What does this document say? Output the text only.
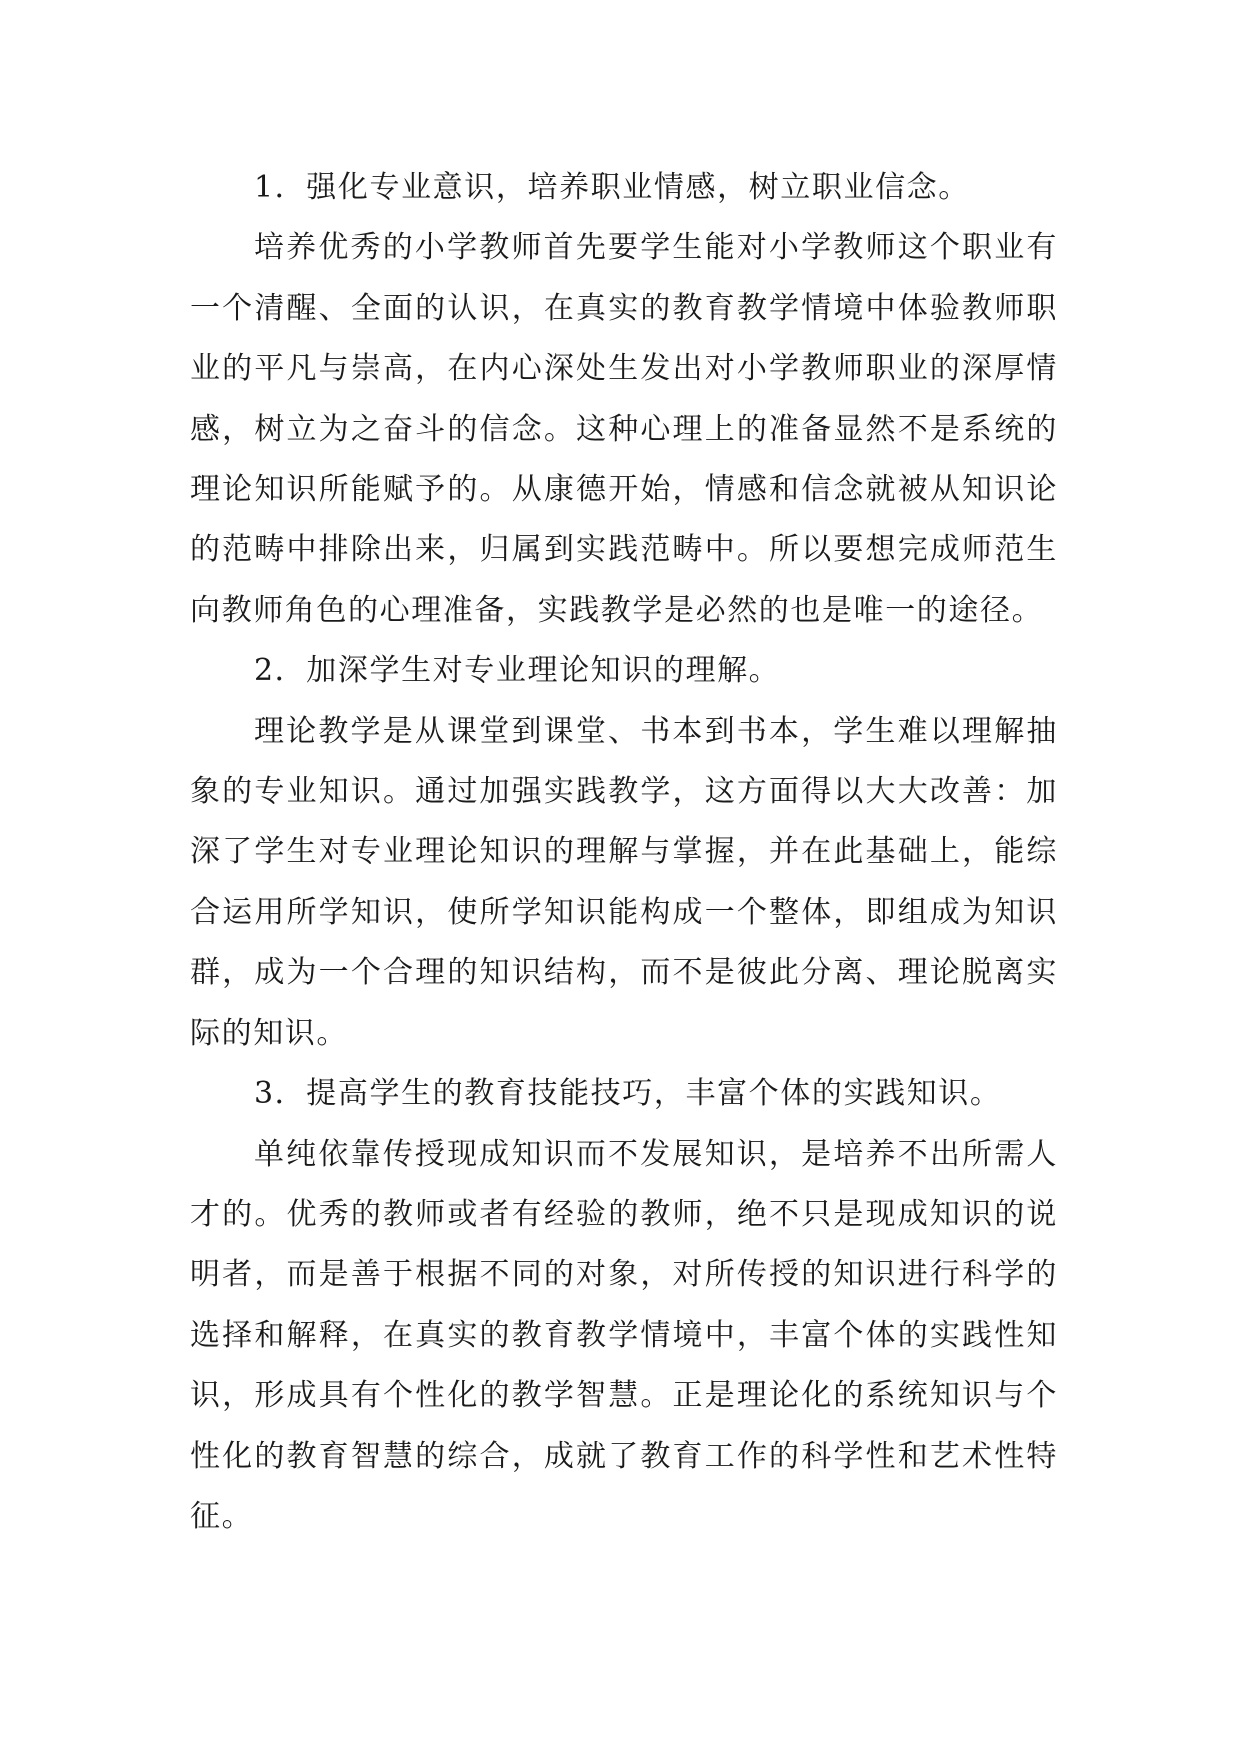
1．强化专业意识，培养职业情感，树立职业信念。

培养优秀的小学教师首先要学生能对小学教师这个职业有一个清醒、全面的认识，在真实的教育教学情境中体验教师职业的平凡与崇高，在内心深处生发出对小学教师职业的深厚情感，树立为之奋斗的信念。这种心理上的准备显然不是系统的理论知识所能赋予的。从康德开始，情感和信念就被从知识论的范畴中排除出来，归属到实践范畴中。所以要想完成师范生向教师角色的心理准备，实践教学是必然的也是唯一的途径。

2．加深学生对专业理论知识的理解。

理论教学是从课堂到课堂、书本到书本，学生难以理解抽象的专业知识。通过加强实践教学，这方面得以大大改善：加深了学生对专业理论知识的理解与掌握，并在此基础上，能综合运用所学知识，使所学知识能构成一个整体，即组成为知识群，成为一个合理的知识结构，而不是彼此分离、理论脱离实际的知识。

3．提高学生的教育技能技巧，丰富个体的实践知识。

单纯依靠传授现成知识而不发展知识，是培养不出所需人才的。优秀的教师或者有经验的教师，绝不只是现成知识的说明者，而是善于根据不同的对象，对所传授的知识进行科学的选择和解释，在真实的教育教学情境中，丰富个体的实践性知识，形成具有个性化的教学智慧。正是理论化的系统知识与个性化的教育智慧的综合，成就了教育工作的科学性和艺术性特征。
